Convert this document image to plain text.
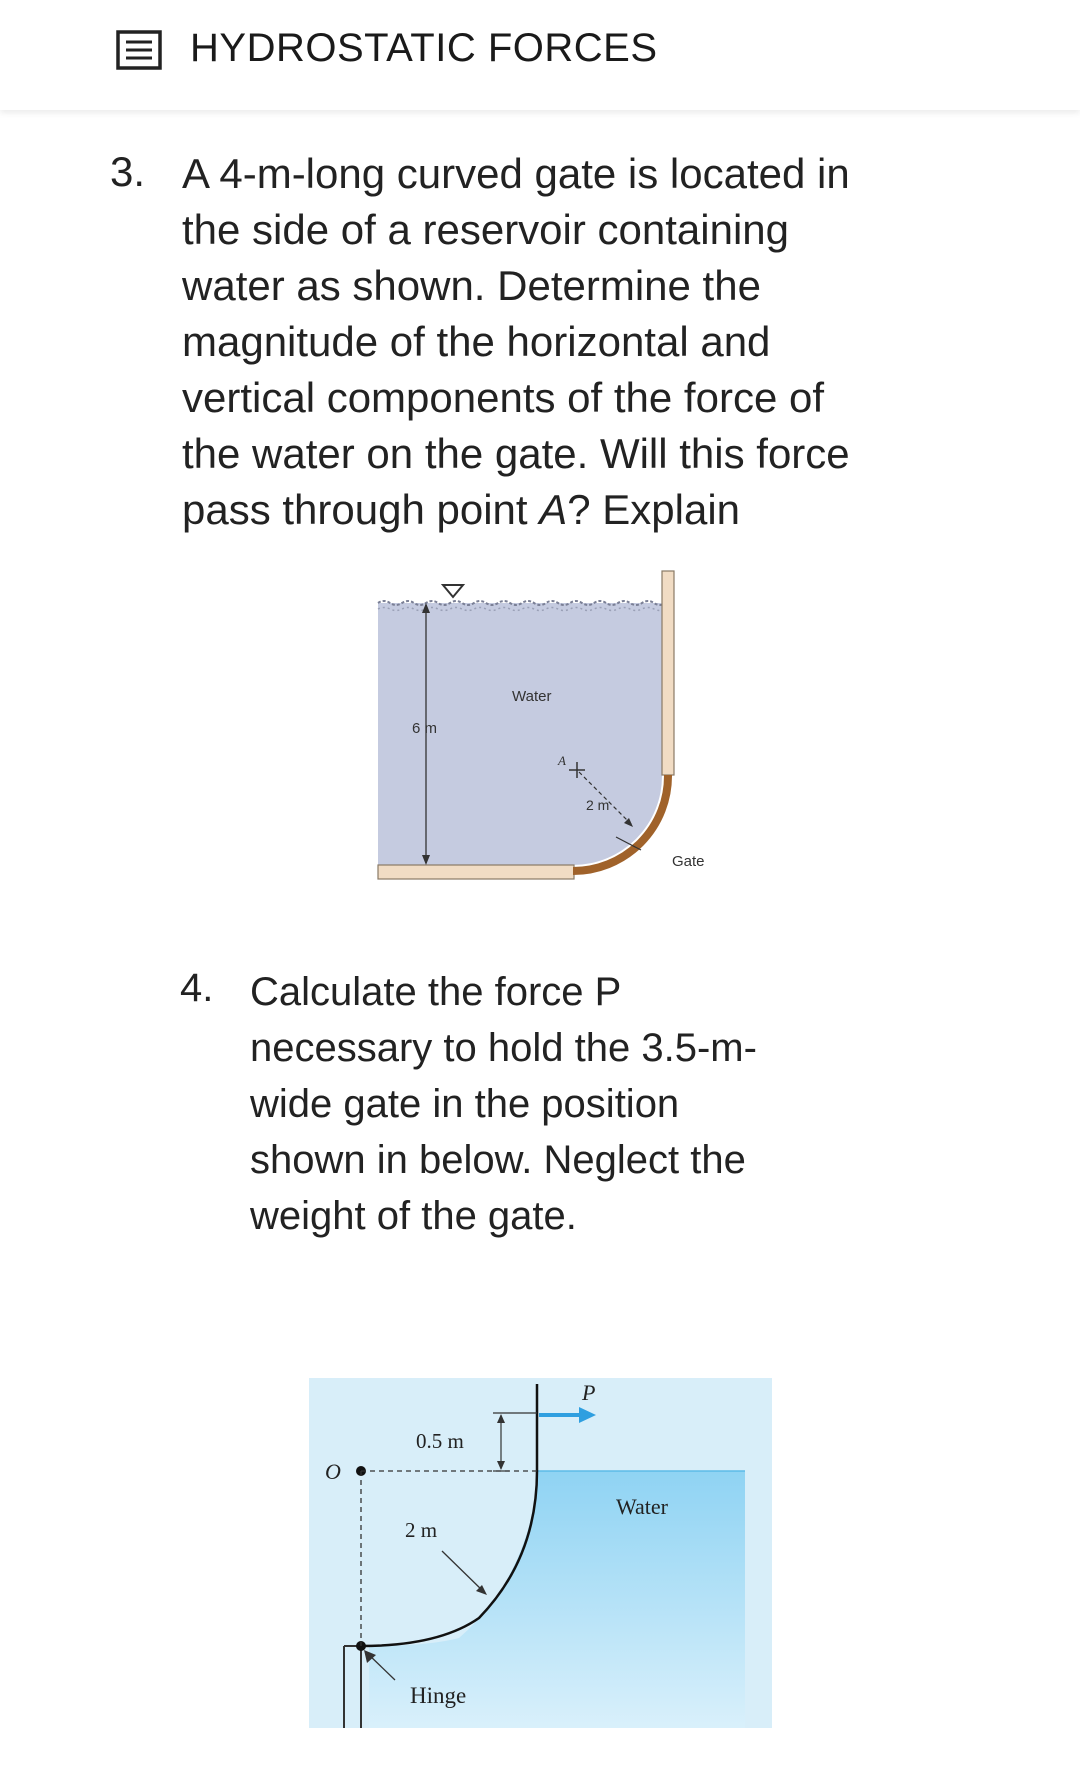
HYDROSTATIC FORCES
3. A 4-m-long curved gate is located in
the side of a reservoir containing
water as shown. Determine the
magnitude of the horizontal and
vertical components of the force of
the water on the gate. Will this force
pass through point A? Explain
6 m
Water
A
2 m
Gate
4. Calculate the force P
necessary to hold the 3.5-m-
wide gate in the position
shown in below. Neglect the
weight of the gate.
O
0.5 m
2 m
Hinge
P
Water
